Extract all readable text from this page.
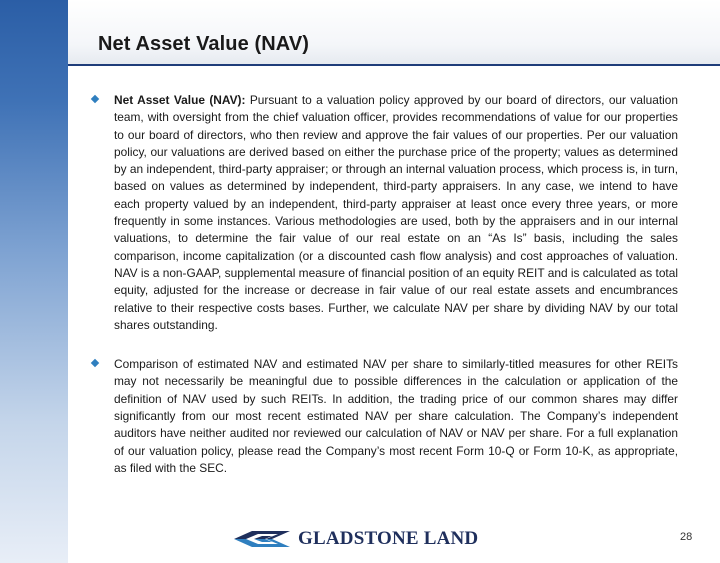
Net Asset Value (NAV)

Net Asset Value (NAV): Pursuant to a valuation policy approved by our board of directors, our valuation team, with oversight from the chief valuation officer, provides recommendations of value for our properties to our board of directors, who then review and approve the fair values of our properties. Per our valuation policy, our valuations are derived based on either the purchase price of the property; values as determined by an independent, third-party appraiser; or through an internal valuation process, which process is, in turn, based on values as determined by independent, third-party appraisers. In any case, we intend to have each property valued by an independent, third-party appraiser at least once every three years, or more frequently in some instances. Various methodologies are used, both by the appraisers and in our internal valuations, to determine the fair value of our real estate on an “As Is” basis, including the sales comparison, income capitalization (or a discounted cash flow analysis) and cost approaches of valuation. NAV is a non-GAAP, supplemental measure of financial position of an equity REIT and is calculated as total equity, adjusted for the increase or decrease in fair value of our real estate assets and encumbrances relative to their respective costs bases. Further, we calculate NAV per share by dividing NAV by our total shares outstanding.

Comparison of estimated NAV and estimated NAV per share to similarly-titled measures for other REITs may not necessarily be meaningful due to possible differences in the calculation or application of the definition of NAV used by such REITs. In addition, the trading price of our common shares may differ significantly from our most recent estimated NAV per share calculation. The Company’s independent auditors have neither audited nor reviewed our calculation of NAV or NAV per share. For a full explanation of our valuation policy, please read the Company’s most recent Form 10-Q or Form 10-K, as appropriate, as filed with the SEC.

GLADSTONE LAND	28
